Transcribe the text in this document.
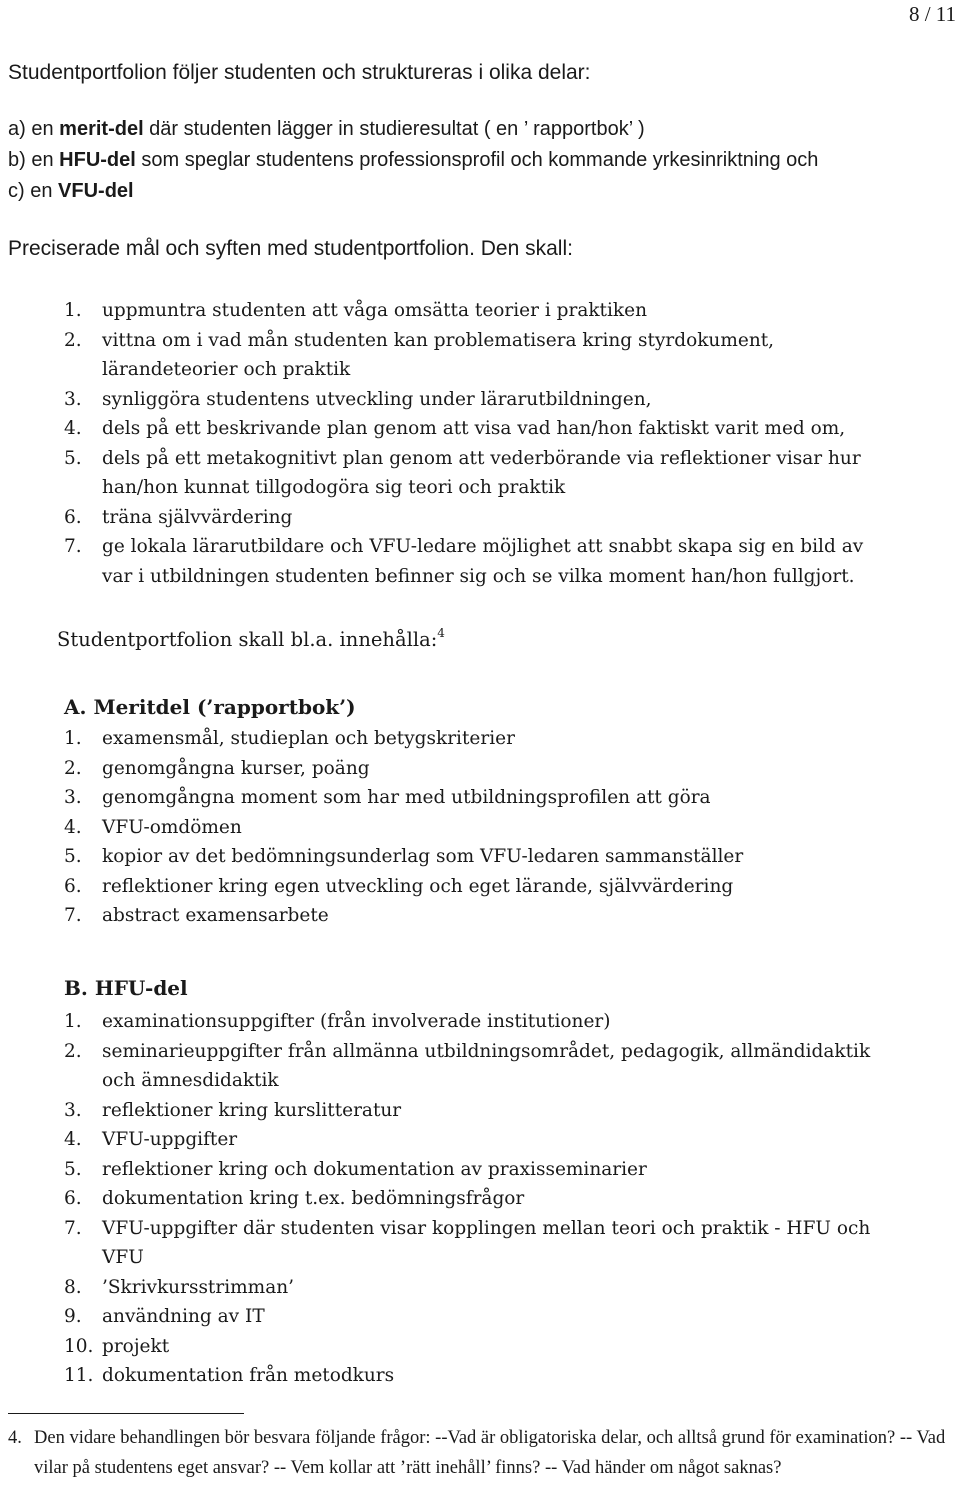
8 / 11
Studentportfolion följer studenten och struktureras i olika delar:
a) en merit-del där studenten lägger in studieresultat ( en ’ rapportbok’ )
b) en HFU-del som speglar studentens professionsprofil och kommande yrkesinriktning och
c) en VFU-del
Preciserade mål och syften med studentportfolion. Den skall:
1. uppmuntra studenten att våga omsätta teorier i praktiken
2. vittna om i vad mån studenten kan problematisera kring styrdokument,
lärandeteorier och praktik
3. synliggöra studentens utveckling under lärarutbildningen,
4. dels på ett beskrivande plan genom att visa vad han/hon faktiskt varit med om,
5. dels på ett metakognitivt plan genom att vederbörande via reflektioner visar hur
han/hon kunnat tillgodogöra sig teori och praktik
6. träna självvärdering
7. ge lokala lärarutbildare och VFU-ledare möjlighet att snabbt skapa sig en bild av
var i utbildningen studenten befinner sig och se vilka moment han/hon fullgjort.
Studentportfolion skall bl.a. innehålla:$^4$
A. Meritdel (’rapportbok’)
1. examensmål, studieplan och betygskriterier
2. genomgångna kurser, poäng
3. genomgångna moment som har med utbildningsprofilen att göra
4. VFU-omdömen
5. kopior av det bedömningsunderlag som VFU-ledaren sammanställer
6. reflektioner kring egen utveckling och eget lärande, självvärdering
7. abstract examensarbete
B. HFU-del
1. examinationsuppgifter (från involverade institutioner)
2. seminarieuppgifter från allmänna utbildningsområdet, pedagogik, allmändidaktik
och ämnesdidaktik
3. reflektioner kring kurslitteratur
4. VFU-uppgifter
5. reflektioner kring och dokumentation av praxisseminarier
6. dokumentation kring t.ex. bedömningsfrågor
7. VFU-uppgifter där studenten visar kopplingen mellan teori och praktik - HFU och
VFU
8. ’Skrivkursstrimman’
9. användning av IT
10. projekt
11. dokumentation från metodkurs
4. Den vidare behandlingen bör besvara följande frågor: --Vad är obligatoriska delar, och alltså grund för examination? -- Vad vilar på studentens eget ansvar? -- Vem kollar att ’rätt inehåll’ finns? -- Vad händer om något saknas?
